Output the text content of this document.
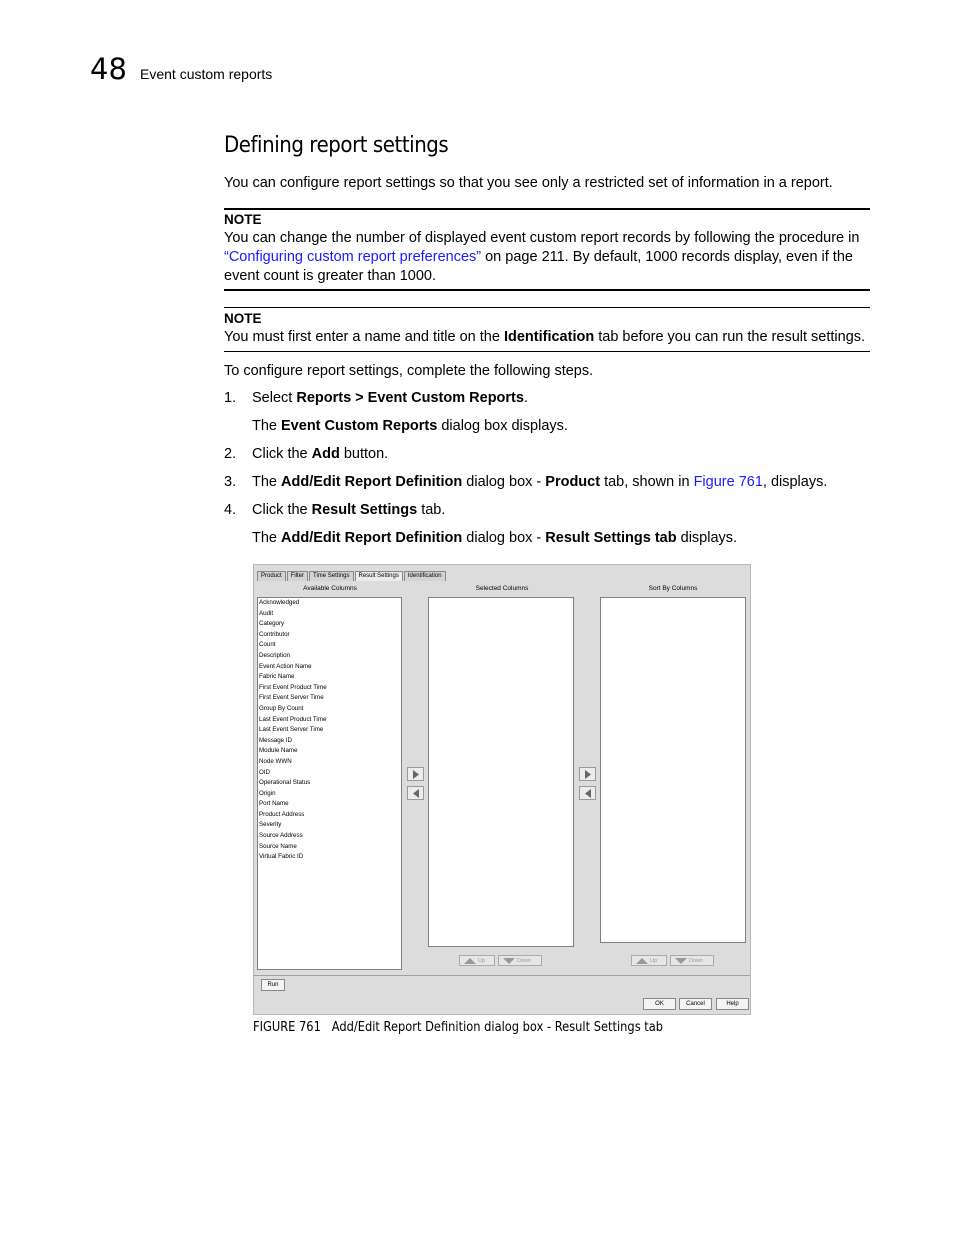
48 Event custom reports
Defining report settings
You can configure report settings so that you see only a restricted set of information in a report.
NOTE
You can change the number of displayed event custom report records by following the procedure in
“Configuring custom report preferences” on page 211. By default, 1000 records display, even if the
event count is greater than 1000.
NOTE
You must first enter a name and title on the Identification tab before you can run the result settings.
To configure report settings, complete the following steps.
1. Select Reports > Event Custom Reports.
The Event Custom Reports dialog box displays.
2. Click the Add button.
3. The Add/Edit Report Definition dialog box - Product tab, shown in Figure 761, displays.
4. Click the Result Settings tab.
The Add/Edit Report Definition dialog box - Result Settings tab displays.
Product	Filter	Time Settings	Result Settings	Identification
Available Columns	Selected Columns	Sort By Columns
Acknowledged
Audit
Category
Contributor
Count
Description
Event Action Name
Fabric Name
First Event Product Time
First Event Server Time
Group By Count
Last Event Product Time
Last Event Server Time
Message ID
Module Name
Node WWN
OID
Operational Status
Origin
Port Name
Product Address
Severity
Source Address
Source Name
Virtual Fabric ID
Up	Down	Up	Down
Run
OK	Cancel	Help
FIGURE 761 Add/Edit Report Definition dialog box - Result Settings tab
